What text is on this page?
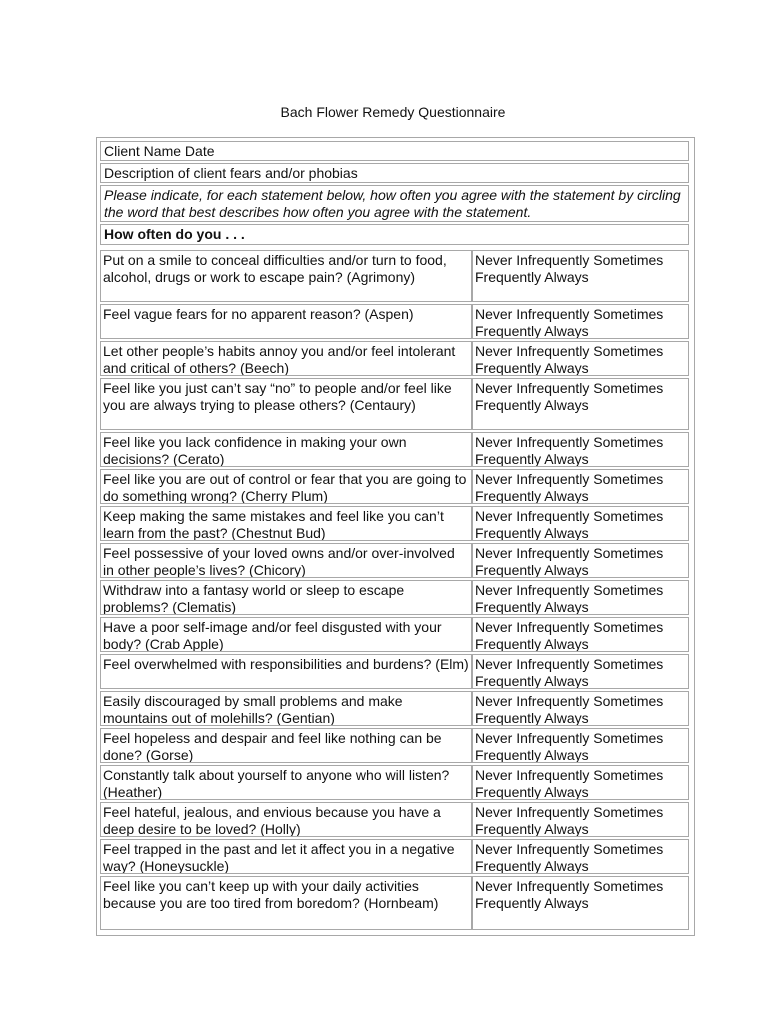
Bach Flower Remedy Questionnaire
Client Name Date
Description of client fears and/or phobias
Please indicate, for each statement below, how often you agree with the statement by circling the word that best describes how often you agree with the statement.
How often do you . . .
Put on a smile to conceal difficulties and/or turn to food, alcohol, drugs or work to escape pain? (Agrimony)
Never Infrequently Sometimes
Frequently Always
Feel vague fears for no apparent reason? (Aspen)	Never Infrequently Sometimes
Frequently Always
Let other people’s habits annoy you and/or feel intolerant and critical of others? (Beech)
Never Infrequently Sometimes
Frequently Always
Feel like you just can’t say “no” to people and/or feel like you are always trying to please others? (Centaury)
Never Infrequently Sometimes
Frequently Always
Feel like you lack confidence in making your own decisions? (Cerato)
Never Infrequently Sometimes
Frequently Always
Feel like you are out of control or fear that you are going to do something wrong? (Cherry Plum)
Never Infrequently Sometimes
Frequently Always
Keep making the same mistakes and feel like you can’t learn from the past? (Chestnut Bud)
Never Infrequently Sometimes
Frequently Always
Feel possessive of your loved owns and/or over-involved in other people’s lives? (Chicory)
Never Infrequently Sometimes
Frequently Always
Withdraw into a fantasy world or sleep to escape problems? (Clematis)
Never Infrequently Sometimes
Frequently Always
Have a poor self-image and/or feel disgusted with your body? (Crab Apple)
Never Infrequently Sometimes
Frequently Always
Feel overwhelmed with responsibilities and burdens? (Elm) Never Infrequently Sometimes
Frequently Always
Easily discouraged by small problems and make mountains out of molehills? (Gentian)
Never Infrequently Sometimes
Frequently Always
Feel hopeless and despair and feel like nothing can be done? (Gorse)
Never Infrequently Sometimes
Frequently Always
Constantly talk about yourself to anyone who will listen? (Heather)
Never Infrequently Sometimes
Frequently Always
Feel hateful, jealous, and envious because you have a deep desire to be loved? (Holly)
Never Infrequently Sometimes
Frequently Always
Feel trapped in the past and let it affect you in a negative way? (Honeysuckle)
Never Infrequently Sometimes
Frequently Always
Feel like you can’t keep up with your daily activities because you are too tired from boredom? (Hornbeam)
Never Infrequently Sometimes
Frequently Always
